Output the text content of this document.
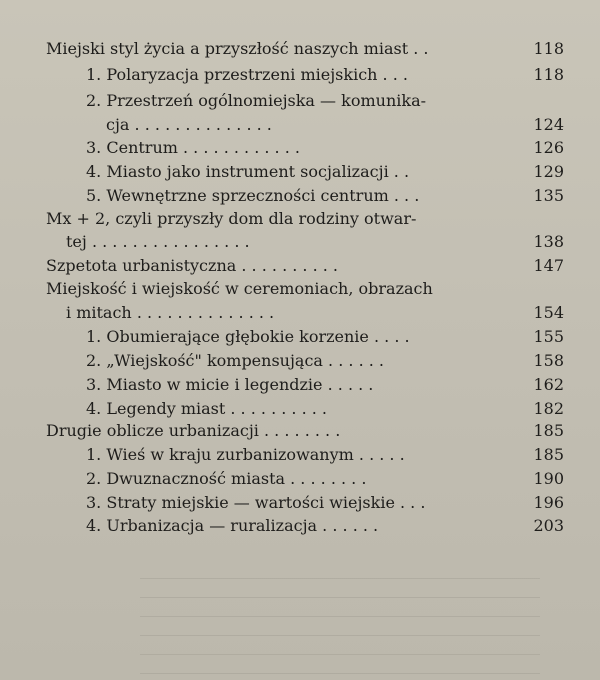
Miejski styl życia a przyszłość naszych miast . .	118
1. Polaryzacja przestrzeni miejskich . . .	118
2. Przestrzeń ogólnomiejska — komunika-
cja . . . . . . . . . . . . . .	124
3. Centrum . . . . . . . . . . . .	126
4. Miasto jako instrument socjalizacji . .	129
5. Wewnętrzne sprzeczności centrum . . .	135
Mx + 2, czyli przyszły dom dla rodziny otwar-
tej . . . . . . . . . . . . . . . .	138
Szpetota urbanistyczna . . . . . . . . . .	147
Miejskość i wiejskość w ceremoniach, obrazach
i mitach . . . . . . . . . . . . . .	154
1. Obumierające głębokie korzenie . . . .	155
2. „Wiejskość" kompensująca . . . . . .	158
3. Miasto w micie i legendzie . . . . .	162
4. Legendy miast . . . . . . . . . .	182
Drugie oblicze urbanizacji . . . . . . . .	185
1. Wieś w kraju zurbanizowanym . . . . .	185
2. Dwuznaczność miasta . . . . . . . .	190
3. Straty miejskie — wartości wiejskie . . .	196
4. Urbanizacja — ruralizacja . . . . . .	203
